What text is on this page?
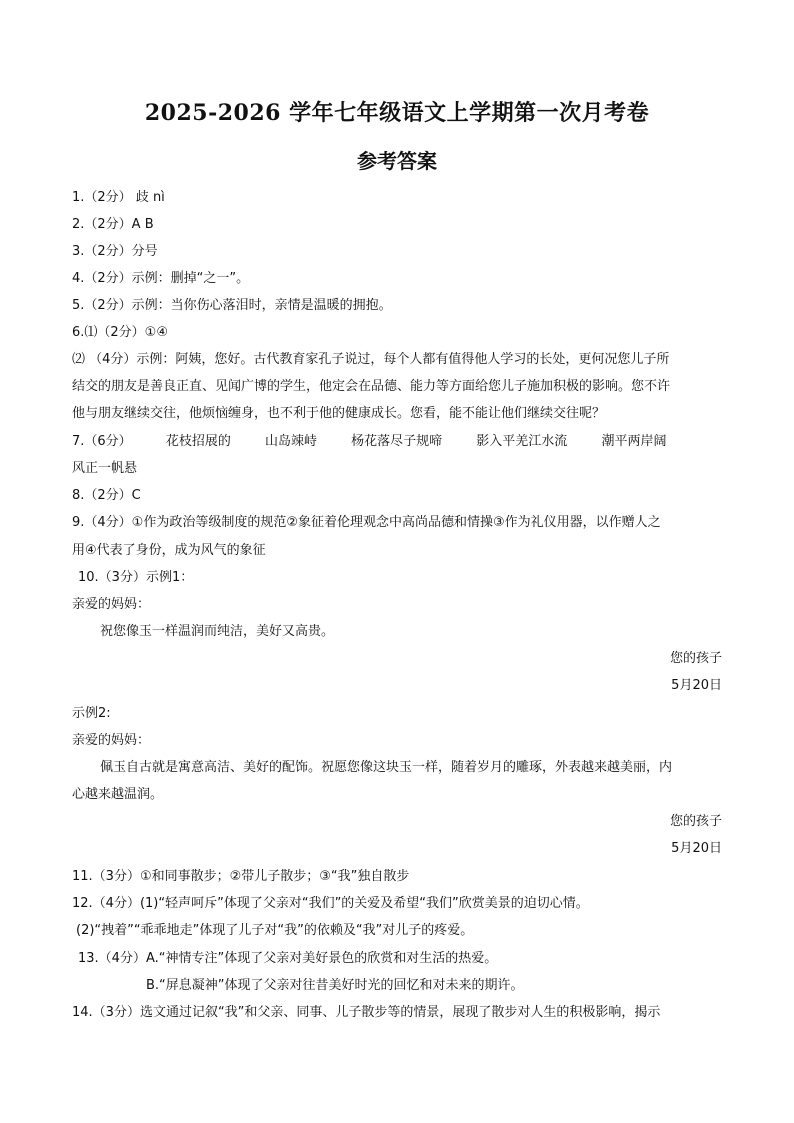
2025-2026 学年七年级语文上学期第一次月考卷
参考答案
1.（2分） 歧 nì
2.（2分）A B
3.（2分）分号
4.（2分）示例：删掉“之一”。
5.（2分）示例：当你伤心落泪时，亲情是温暖的拥抱。
6.⑴（2分）①④
⑵ （4分）示例：阿姨，您好。古代教育家孔子说过，每个人都有值得他人学习的长处，更何况您儿子所
结交的朋友是善良正直、见闻广博的学生，他定会在品德、能力等方面给您儿子施加积极的影响。您不许
他与朋友继续交往，他烦恼缠身，也不利于他的健康成长。您看，能不能让他们继续交往呢？
7.（6分）	花枝招展的	山岛竦峙	杨花落尽子规啼	影入平羌江水流	潮平两岸阔
风正一帆悬
8.（2分）C
9.（4分）①作为政治等级制度的规范②象征着伦理观念中高尚品德和情操③作为礼仪用器，以作赠人之
用④代表了身份，成为风气的象征
10.（3分）示例1：
亲爱的妈妈：
祝您像玉一样温润而纯洁，美好又高贵。
您的孩子
5月20日
示例2:
亲爱的妈妈：
佩玉自古就是寓意高洁、美好的配饰。祝愿您像这块玉一样，随着岁月的雕琢，外表越来越美丽，内
心越来越温润。
您的孩子
5月20日
11.（3分）①和同事散步；②带儿子散步；③“我”独自散步
12.（4分）(1)“轻声呵斥”体现了父亲对“我们”的关爱及希望“我们”欣赏美景的迫切心情。
(2)“拽着”“乖乖地走”体现了儿子对“我”的依赖及“我”对儿子的疼爱。
13.（4分）A.“神情专注”体现了父亲对美好景色的欣赏和对生活的热爱。
B.“屏息凝神”体现了父亲对往昔美好时光的回忆和对未来的期许。
14.（3分）选文通过记叙“我”和父亲、同事、儿子散步等的情景，展现了散步对人生的积极影响，揭示
